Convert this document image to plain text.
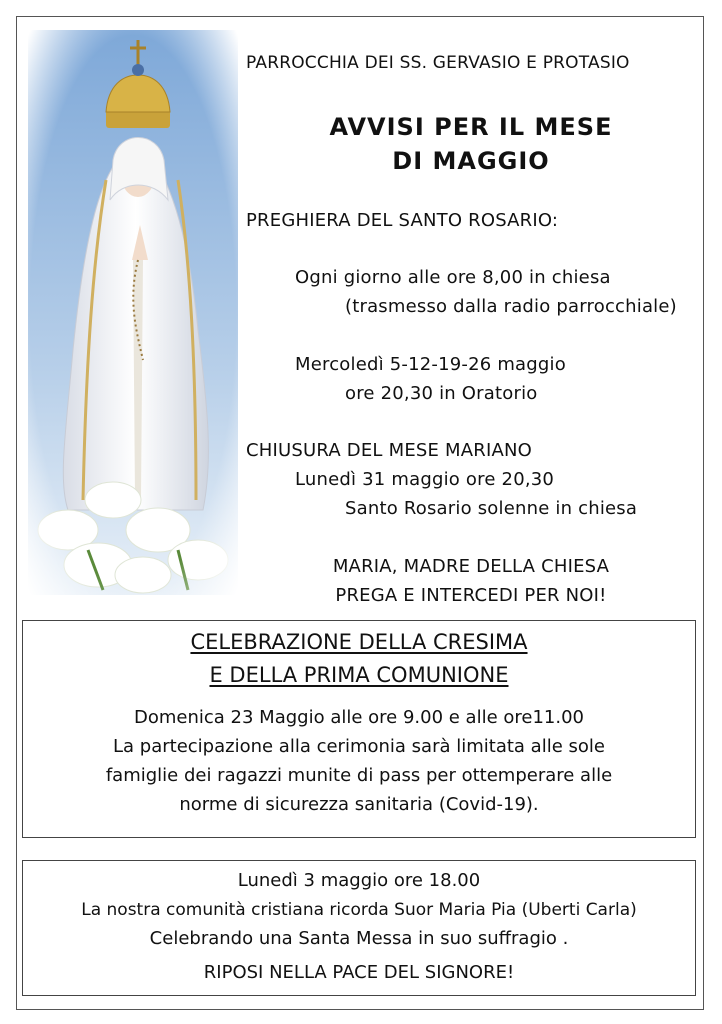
PARROCCHIA DEI SS. GERVASIO E PROTASIO
AVVISI PER IL MESE
DI MAGGIO
PREGHIERA DEL SANTO ROSARIO:
Ogni giorno alle ore 8,00 in chiesa
(trasmesso dalla radio parrocchiale)
Mercoledì 5-12-19-26 maggio
ore 20,30 in Oratorio
CHIUSURA DEL MESE MARIANO
Lunedì 31 maggio ore 20,30
Santo Rosario solenne in chiesa
MARIA, MADRE DELLA CHIESA
PREGA E INTERCEDI PER NOI!
CELEBRAZIONE DELLA CRESIMA
E DELLA PRIMA COMUNIONE
Domenica 23 Maggio alle ore 9.00 e alle ore11.00
La partecipazione alla cerimonia sarà limitata alle sole
famiglie dei ragazzi munite di pass per ottemperare alle
norme di sicurezza sanitaria (Covid-19).
Lunedì 3 maggio ore 18.00
La nostra comunità cristiana ricorda Suor Maria Pia (Uberti Carla)
Celebrando una Santa Messa in suo suffragio .
RIPOSI NELLA PACE DEL SIGNORE!
